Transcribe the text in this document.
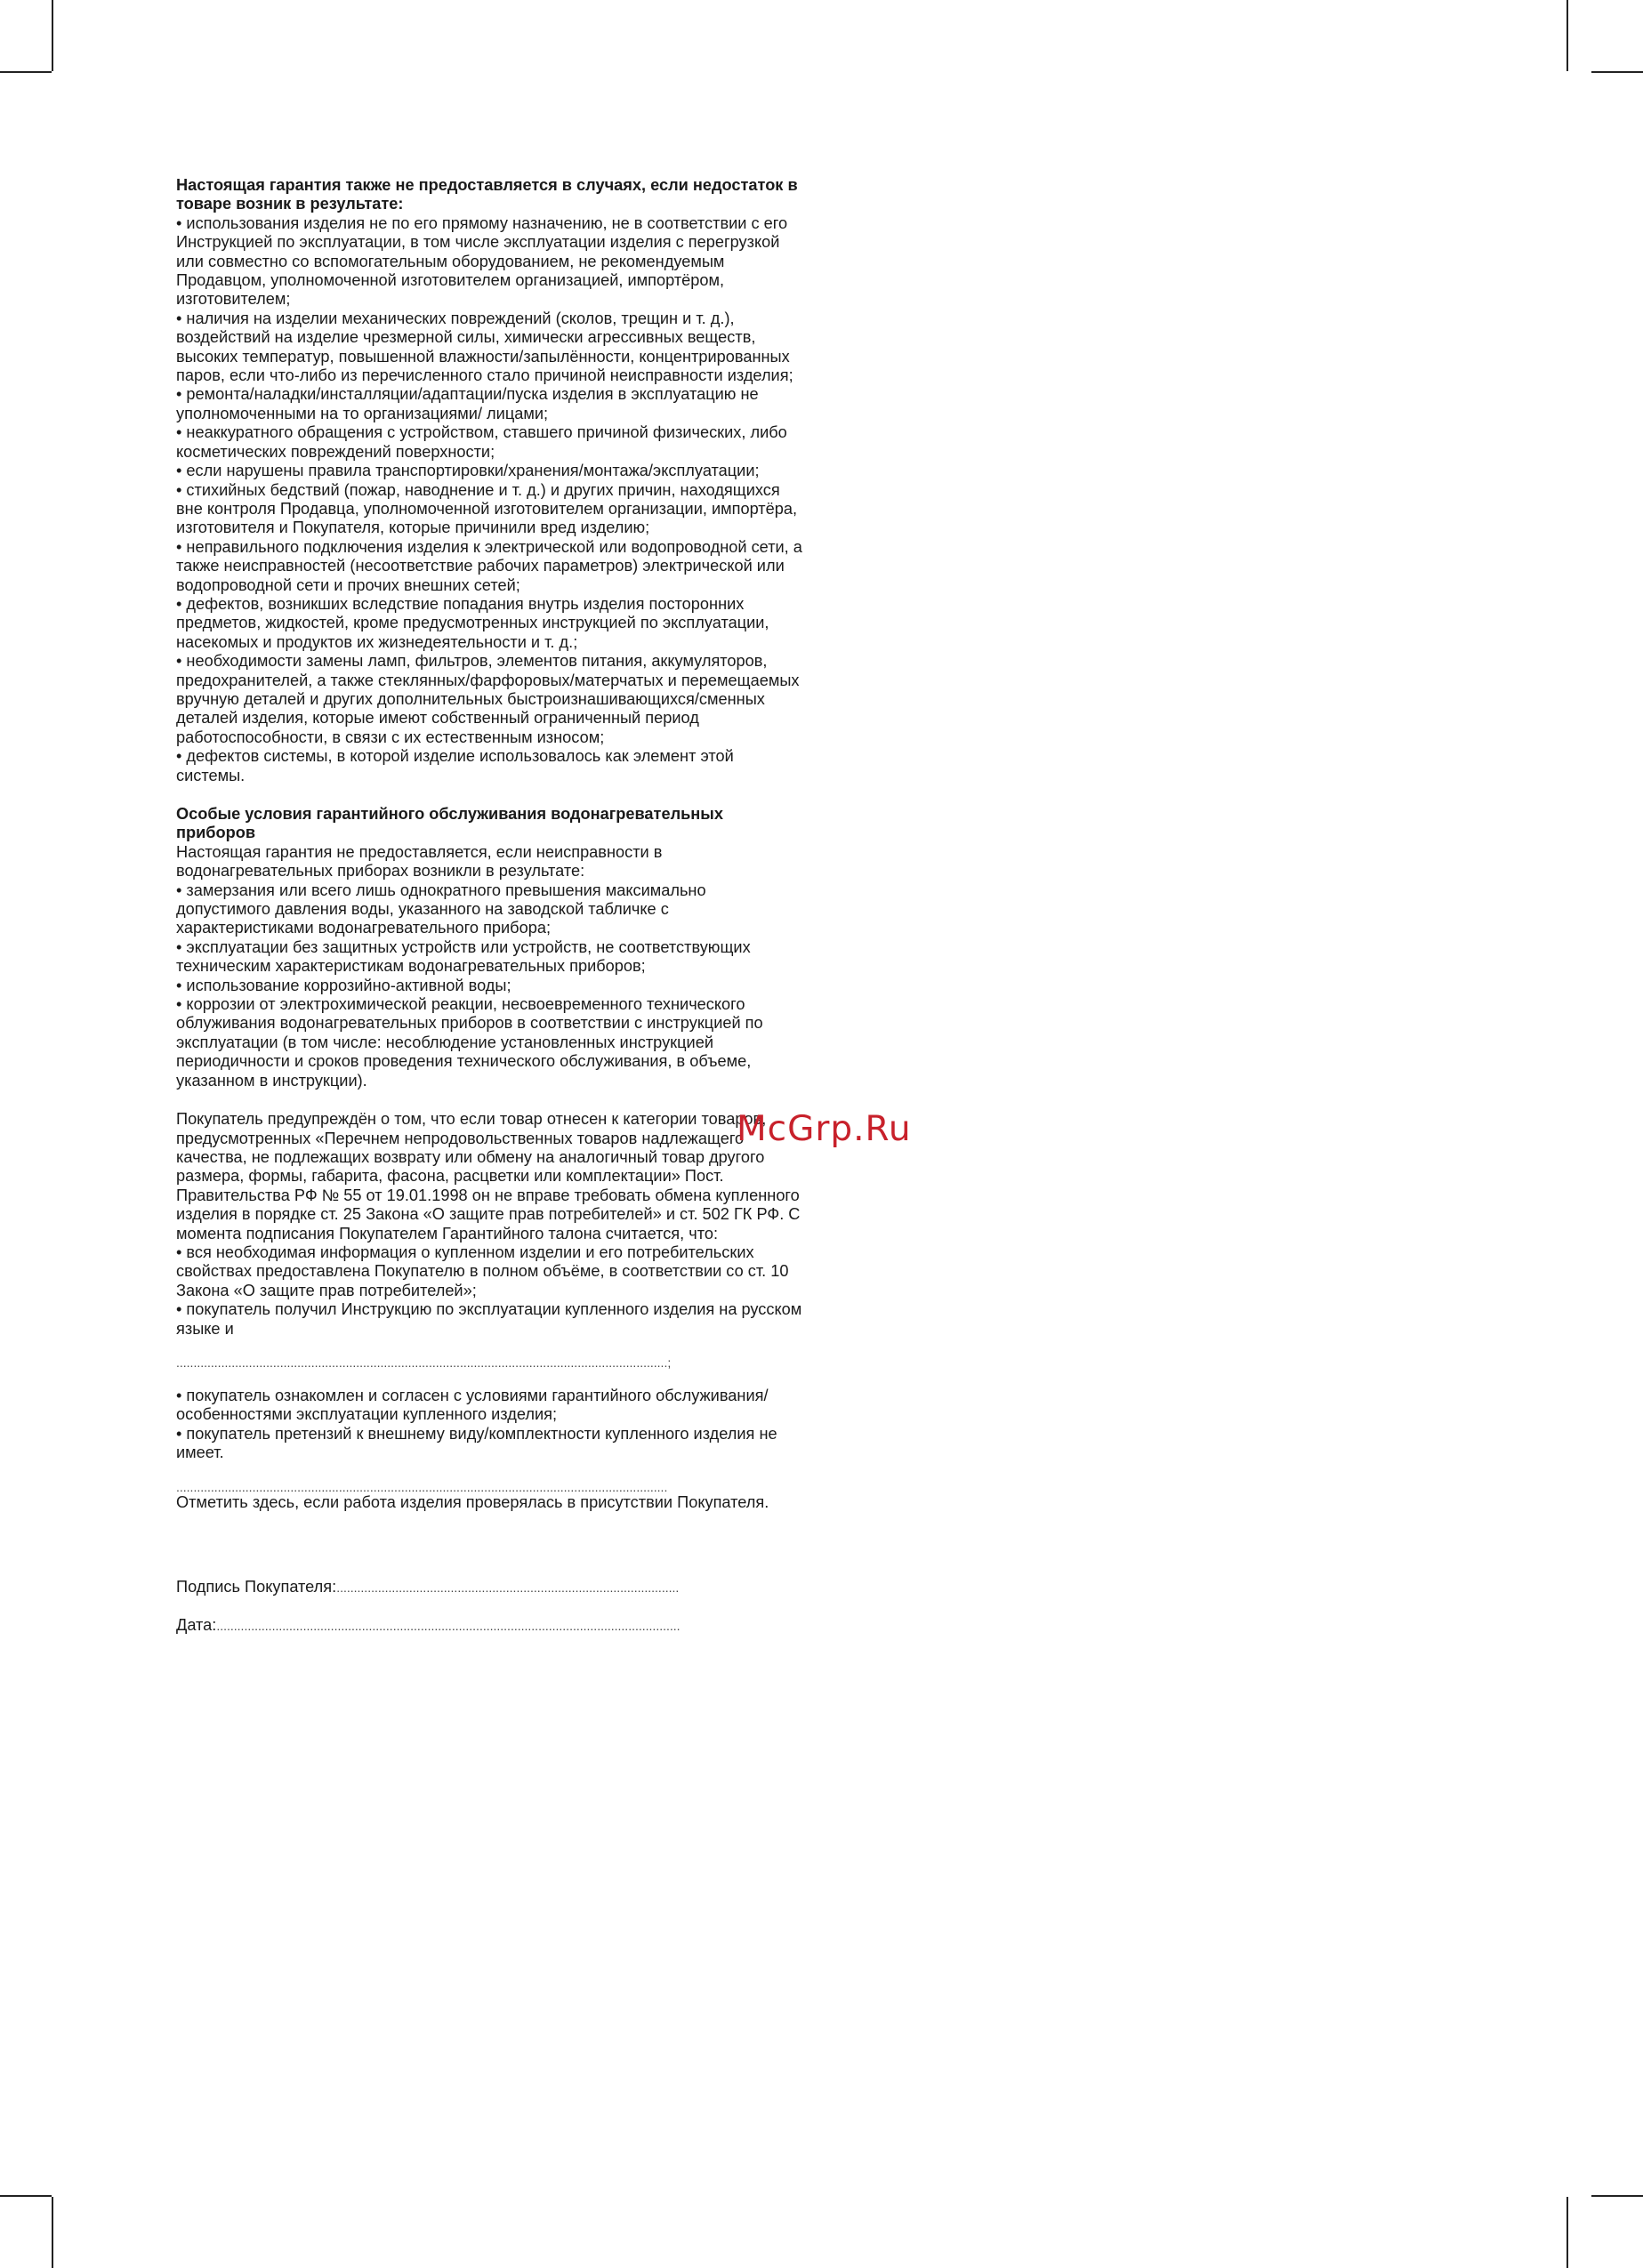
Настоящая гарантия также не предоставляется в случаях, если недостаток в товаре возник в результате:

• использования изделия не по его прямому назначению, не в соответствии с его Инструкцией по эксплуатации, в том числе эксплуатации изделия с перегрузкой или совместно со вспомогательным оборудованием, не рекомендуемым Продавцом, уполномоченной изготовителем организацией, импортёром, изготовителем;

• наличия на изделии механических повреждений (сколов, трещин и т. д.), воздействий на изделие чрезмерной силы, химически агрессивных веществ, высоких температур, повышенной влажности/запылённости, концентрированных паров, если что-либо из перечисленного стало причиной неисправности изделия;

• ремонта/наладки/инсталляции/адаптации/пуска изделия в эксплуатацию не уполномоченными на то организациями/ лицами;

• неаккуратного обращения с устройством, ставшего причиной физических, либо косметических повреждений поверхности;

• если нарушены правила транспортировки/хранения/монтажа/эксплуатации;

• стихийных бедствий (пожар, наводнение и т. д.) и других причин, находящихся вне контроля Продавца, уполномоченной изготовителем организации, импортёра, изготовителя и Покупателя, которые причинили вред изделию;

• неправильного подключения изделия к электрической или водопроводной сети, а также неисправностей (несоответствие рабочих параметров) электрической или водопроводной сети и прочих внешних сетей;

• дефектов, возникших вследствие попадания внутрь изделия посторонних предметов, жидкостей, кроме предусмотренных инструкцией по эксплуатации, насекомых и продуктов их жизнедеятельности и т. д.;

• необходимости замены ламп, фильтров, элементов питания, аккумуляторов, предохранителей, а также стеклянных/фарфоровых/матерчатых и перемещаемых вручную деталей и других дополнительных быстроизнашивающихся/сменных деталей изделия, которые имеют собственный ограниченный период работоспособности, в связи с их естественным износом;

• дефектов системы, в которой изделие использовалось как элемент этой системы.

Особые условия гарантийного обслуживания водонагревательных приборов

Настоящая гарантия не предоставляется, если неисправности в водонагревательных приборах возникли в результате:

• замерзания или всего лишь однократного превышения максимально допустимого давления воды, указанного на заводской табличке с характеристиками водонагревательного прибора;

• эксплуатации без защитных устройств или устройств, не соответствующих техническим характеристикам водонагревательных приборов;

• использование коррозийно-активной воды;

• коррозии от электрохимической реакции, несвоевременного технического облуживания водонагревательных приборов в соответствии с инструкцией по эксплуатации (в том числе: несоблюдение установленных инструкцией периодичности и сроков проведения технического обслуживания, в объеме, указанном в инструкции).

Покупатель предупреждён о том, что если товар отнесен к категории товаров, предусмотренных «Перечнем непродовольственных товаров надлежащего качества, не подлежащих возврату или обмену на аналогичный товар другого размера, формы, габарита, фасона, расцветки или комплектации» Пост. Правительства РФ № 55 от 19.01.1998 он не вправе требовать обмена купленного изделия в порядке ст. 25 Закона «О защите прав потребителей» и ст. 502 ГК РФ. С момента подписания Покупателем Гарантийного талона считается, что:

• вся необходимая информация о купленном изделии и его потребительских свойствах предоставлена Покупателю в полном объёме, в соответствии со ст. 10 Закона «О защите прав потребителей»;

• покупатель получил Инструкцию по эксплуатации купленного изделия на русском языке и

..............................................................................................................................................;

• покупатель ознакомлен и согласен с условиями гарантийного обслуживания/особенностями эксплуатации купленного изделия;

• покупатель претензий к внешнему виду/комплектности купленного изделия не имеет.

..............................................................................................................................................

Отметить здесь, если работа изделия проверялась в присутствии Покупателя.

Подпись Покупателя: ...................................................................................................
Дата: ......................................................................................................................................
McGrp.Ru
